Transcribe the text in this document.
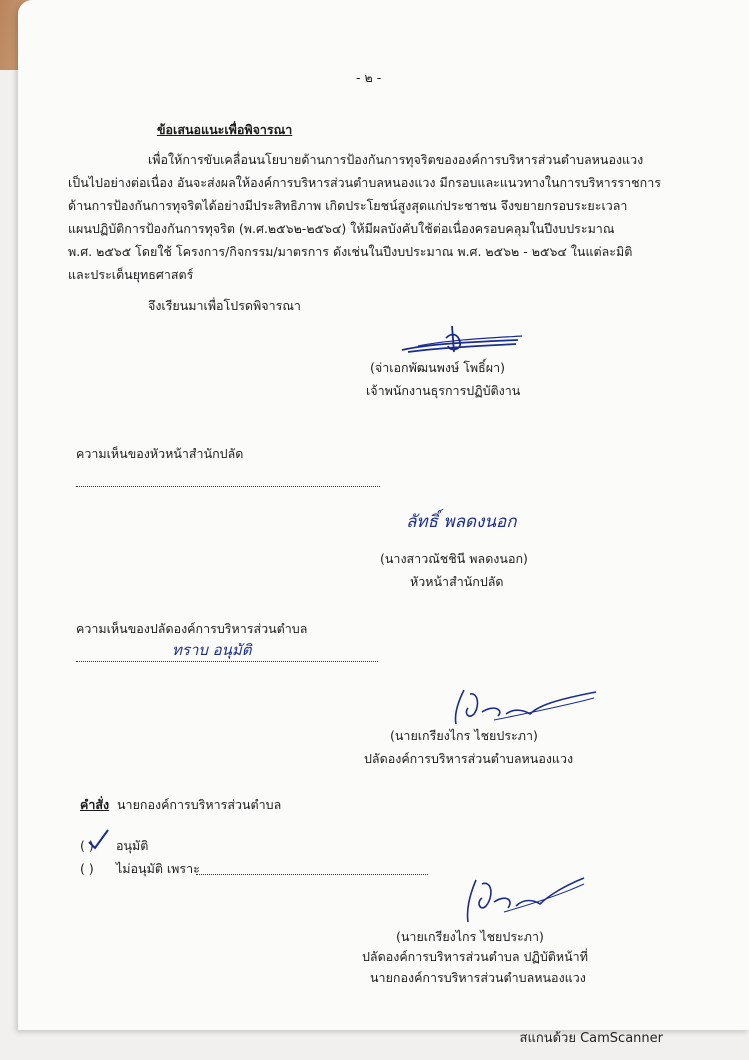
- ๒ -
ข้อเสนอแนะเพื่อพิจารณา
เพื่อให้การขับเคลื่อนนโยบายด้านการป้องกันการทุจริตขององค์การบริหารส่วนตำบลหนองแวง
เป็นไปอย่างต่อเนื่อง อันจะส่งผลให้องค์การบริหารส่วนตำบลหนองแวง มีกรอบและแนวทางในการบริหารราชการ
ด้านการป้องกันการทุจริตได้อย่างมีประสิทธิภาพ เกิดประโยชน์สูงสุดแก่ประชาชน จึงขยายกรอบระยะเวลา
แผนปฏิบัติการป้องกันการทุจริต (พ.ศ.๒๕๖๒-๒๕๖๔) ให้มีผลบังคับใช้ต่อเนื่องครอบคลุมในปีงบประมาณ
พ.ศ. ๒๕๖๕ โดยใช้ โครงการ/กิจกรรม/มาตรการ ดังเช่นในปีงบประมาณ พ.ศ. ๒๕๖๒ - ๒๕๖๔ ในแต่ละมิติ
และประเด็นยุทธศาสตร์
จึงเรียนมาเพื่อโปรดพิจารณา
(จ่าเอกพัฒนพงษ์ โพธิ์ผา)
เจ้าพนักงานธุรการปฏิบัติงาน
ความเห็นของหัวหน้าสำนักปลัด
ลัทธิ์ พลดงนอก
(นางสาวณัชชินี พลดงนอก)
หัวหน้าสำนักปลัด
ความเห็นของปลัดองค์การบริหารส่วนตำบล
ทราบ อนุมัติ
(นายเกรียงไกร ไชยประภา)
ปลัดองค์การบริหารส่วนตำบลหนองแวง
คำสั่ง นายกองค์การบริหารส่วนตำบล
( ) อนุมัติ
( ) ไม่อนุมัติ เพราะ
(นายเกรียงไกร ไชยประภา)
ปลัดองค์การบริหารส่วนตำบล ปฏิบัติหน้าที่
นายกองค์การบริหารส่วนตำบลหนองแวง
สแกนด้วย CamScanner
